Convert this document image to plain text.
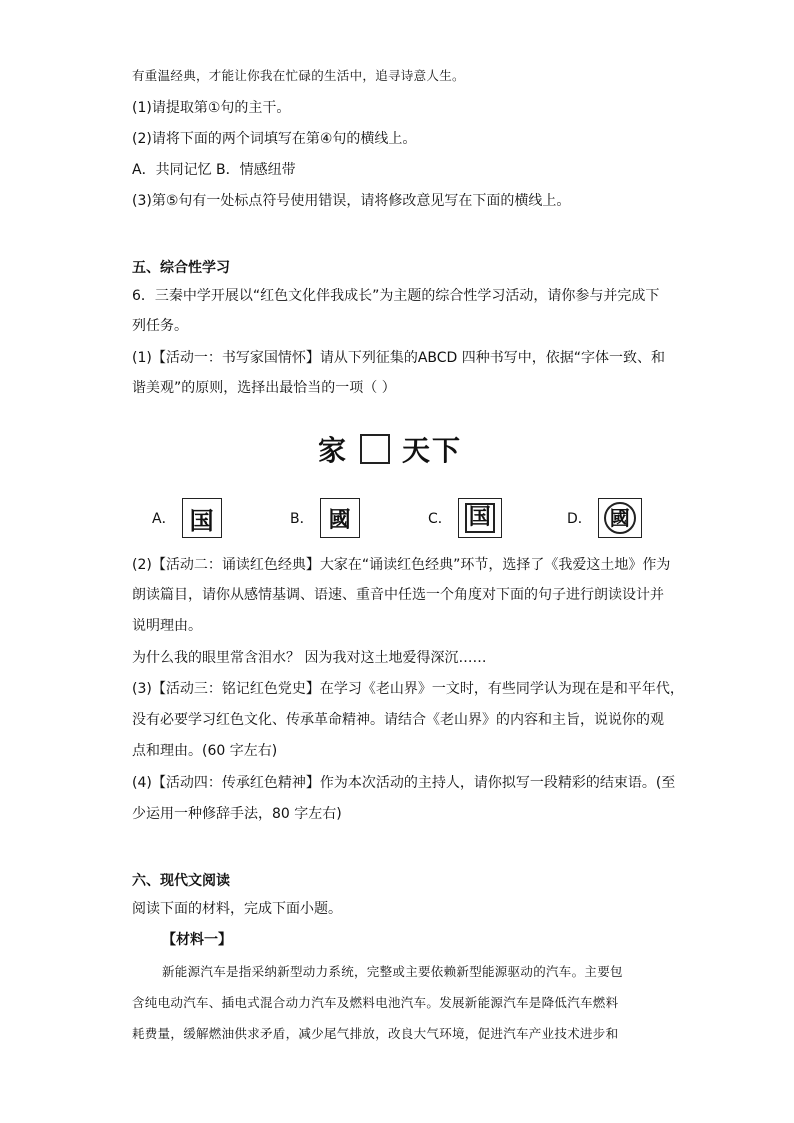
有重温经典，才能让你我在忙碌的生活中，追寻诗意人生。
(1)请提取第①句的主干。
(2)请将下面的两个词填写在第④句的横线上。
A．共同记忆 B．情感纽带
(3)第⑤句有一处标点符号使用错误，请将修改意见写在下面的横线上。
五、综合性学习
6．三秦中学开展以“红色文化伴我成长”为主题的综合性学习活动，请你参与并完成下
列任务。
(1)【活动一：书写家国情怀】请从下列征集的ABCD 四种书写中，依据“字体一致、和
谐美观”的原则，选择出最恰当的一项（ ）
家 天下
A． 国	B． 國	C． 国	D． 國
(2)【活动二：诵读红色经典】大家在“诵读红色经典”环节，选择了《我爱这土地》作为
朗读篇目，请你从感情基调、语速、重音中任选一个角度对下面的句子进行朗读设计并
说明理由。
为什么我的眼里常含泪水？ 因为我对这土地爱得深沉……
(3)【活动三：铭记红色党史】在学习《老山界》一文时，有些同学认为现在是和平年代，
没有必要学习红色文化、传承革命精神。请结合《老山界》的内容和主旨，说说你的观
点和理由。(60 字左右)
(4)【活动四：传承红色精神】作为本次活动的主持人，请你拟写一段精彩的结束语。(至
少运用一种修辞手法，80 字左右)
六、现代文阅读
阅读下面的材料，完成下面小题。
【材料一】
新能源汽车是指采纳新型动力系统，完整或主要依赖新型能源驱动的汽车。主要包
含纯电动汽车、插电式混合动力汽车及燃料电池汽车。发展新能源汽车是降低汽车燃料
耗费量，缓解燃油供求矛盾，减少尾气排放，改良大气环境，促进汽车产业技术进步和
